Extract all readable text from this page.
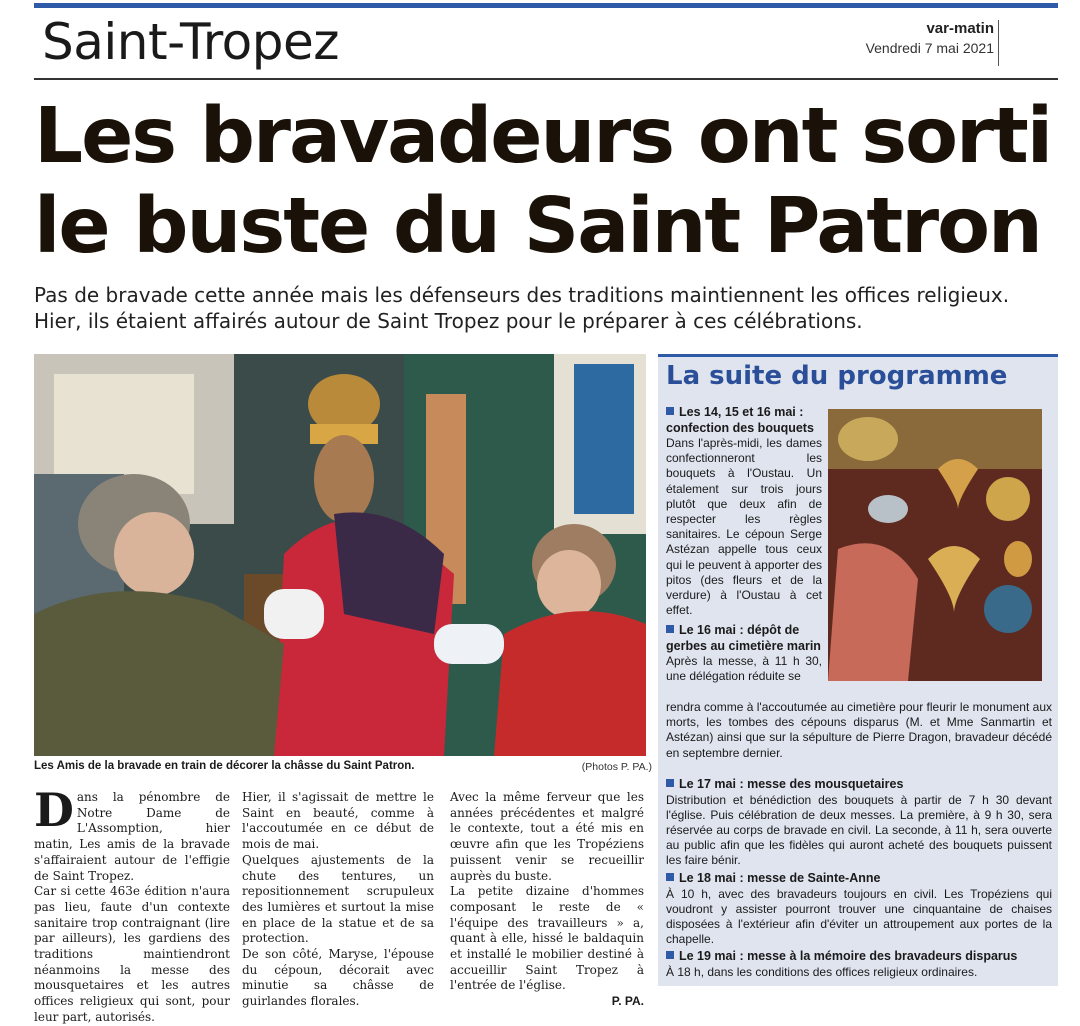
Saint-Tropez	var-matin
Vendredi 7 mai 2021
Les bravadeurs ont sorti
le buste du Saint Patron

Pas de bravade cette année mais les défenseurs des traditions maintiennent les offices religieux. Hier, ils étaient affairés autour de Saint Tropez pour le préparer à ces célébrations.

Les Amis de la bravade en train de décorer la châsse du Saint Patron.	(Photos P. PA.)
D ans la pénombre de Notre Dame de L'Assomption, hier matin, Les amis de la bravade s'affairaient autour de l'effigie de Saint Tropez.

Car si cette 463e édition n'aura pas lieu, faute d'un contexte sanitaire trop contraignant (lire par ailleurs), les gardiens des traditions maintiendront néanmoins la messe des mousquetaires et les autres offices religieux qui sont, pour leur part, autorisés.

Hier, il s'agissait de mettre le Saint en beauté, comme à l'accoutumée en ce début de mois de mai.

Quelques ajustements de la chute des tentures, un repositionnement scrupuleux des lumières et surtout la mise en place de la statue et de sa protection.

De son côté, Maryse, l'épouse du cépoun, décorait avec minutie sa châsse de guirlandes florales.

Avec la même ferveur que les années précédentes et malgré le contexte, tout a été mis en œuvre afin que les Tropéziens puissent venir se recueillir auprès du buste.

La petite dizaine d'hommes composant le reste de « l'équipe des travailleurs » a, quant à elle, hissé le baldaquin et installé le mobilier destiné à accueillir Saint Tropez à l'entrée de l'église.

P. PA.

La suite du programme
Les 14, 15 et 16 mai : confection des bouquets
Dans l'après-midi, les dames confectionneront les bouquets à l'Oustau. Un étalement sur trois jours plutôt que deux afin de respecter les règles sanitaires. Le cépoun Serge Astézan appelle tous ceux qui le peuvent à apporter des pitos (des fleurs et de la verdure) à l'Oustau à cet effet.
Le 16 mai : dépôt de gerbes au cimetière marin
Après la messe, à 11 h 30, une délégation réduite se
rendra comme à l'accoutumée au cimetière pour fleurir le monument aux morts, les tombes des cépouns disparus (M. et Mme Sanmartin et Astézan) ainsi que sur la sépulture de Pierre Dragon, bravadeur décédé en septembre dernier.
Le 17 mai : messe des mousquetaires
Distribution et bénédiction des bouquets à partir de 7 h 30 devant l'église. Puis célébration de deux messes. La première, à 9 h 30, sera réservée au corps de bravade en civil. La seconde, à 11 h, sera ouverte au public afin que les fidèles qui auront acheté des bouquets puissent les faire bénir.
Le 18 mai : messe de Sainte-Anne
À 10 h, avec des bravadeurs toujours en civil. Les Tropéziens qui voudront y assister pourront trouver une cinquantaine de chaises disposées à l'extérieur afin d'éviter un attroupement aux portes de la chapelle.
Le 19 mai : messe à la mémoire des bravadeurs disparus
À 18 h, dans les conditions des offices religieux ordinaires.
